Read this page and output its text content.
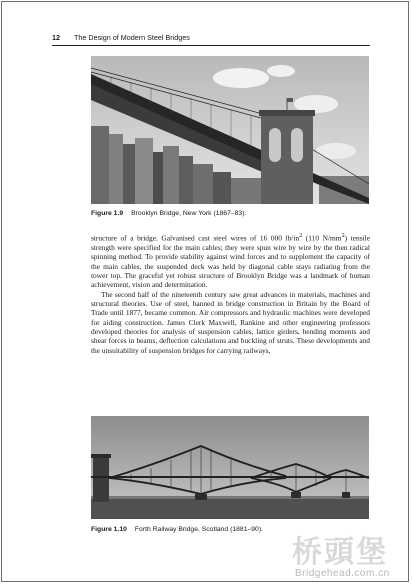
12 The Design of Modern Steel Bridges
Figure 1.9 Brooklyn Bridge, New York (1867–83).

structure of a bridge. Galvanised cast steel wires of 16 000 $lb/in^2$ (110 $N/mm^2$) tensile strength were specified for the main cables; they were spun wire by wire by the then radical spinning method. To provide stability against wind forces and to supplement the capacity of the main cables, the suspended deck was held by diagonal cable stays radiating from the tower top. The graceful yet robust structure of Brooklyn Bridge was a landmark of human achievement, vision and determination.

The second half of the nineteenth century saw great advances in materials, machines and structural theories. Use of steel, banned in bridge construction in Britain by the Board of Trade until 1877, became common. Air compressors and hydraulic machines were developed for aiding construction. James Clerk Maxwell, Rankine and other engineering professors developed theories for analysis of suspension cables, lattice girders, bending moments and shear forces in beams, deflection calculations and buckling of struts. These developments and the unsuitability of suspension bridges for carrying railways,

Figure 1.10 Forth Railway Bridge, Scotland (1881–90).
桥頭堡
Bridgehead.com.cn
